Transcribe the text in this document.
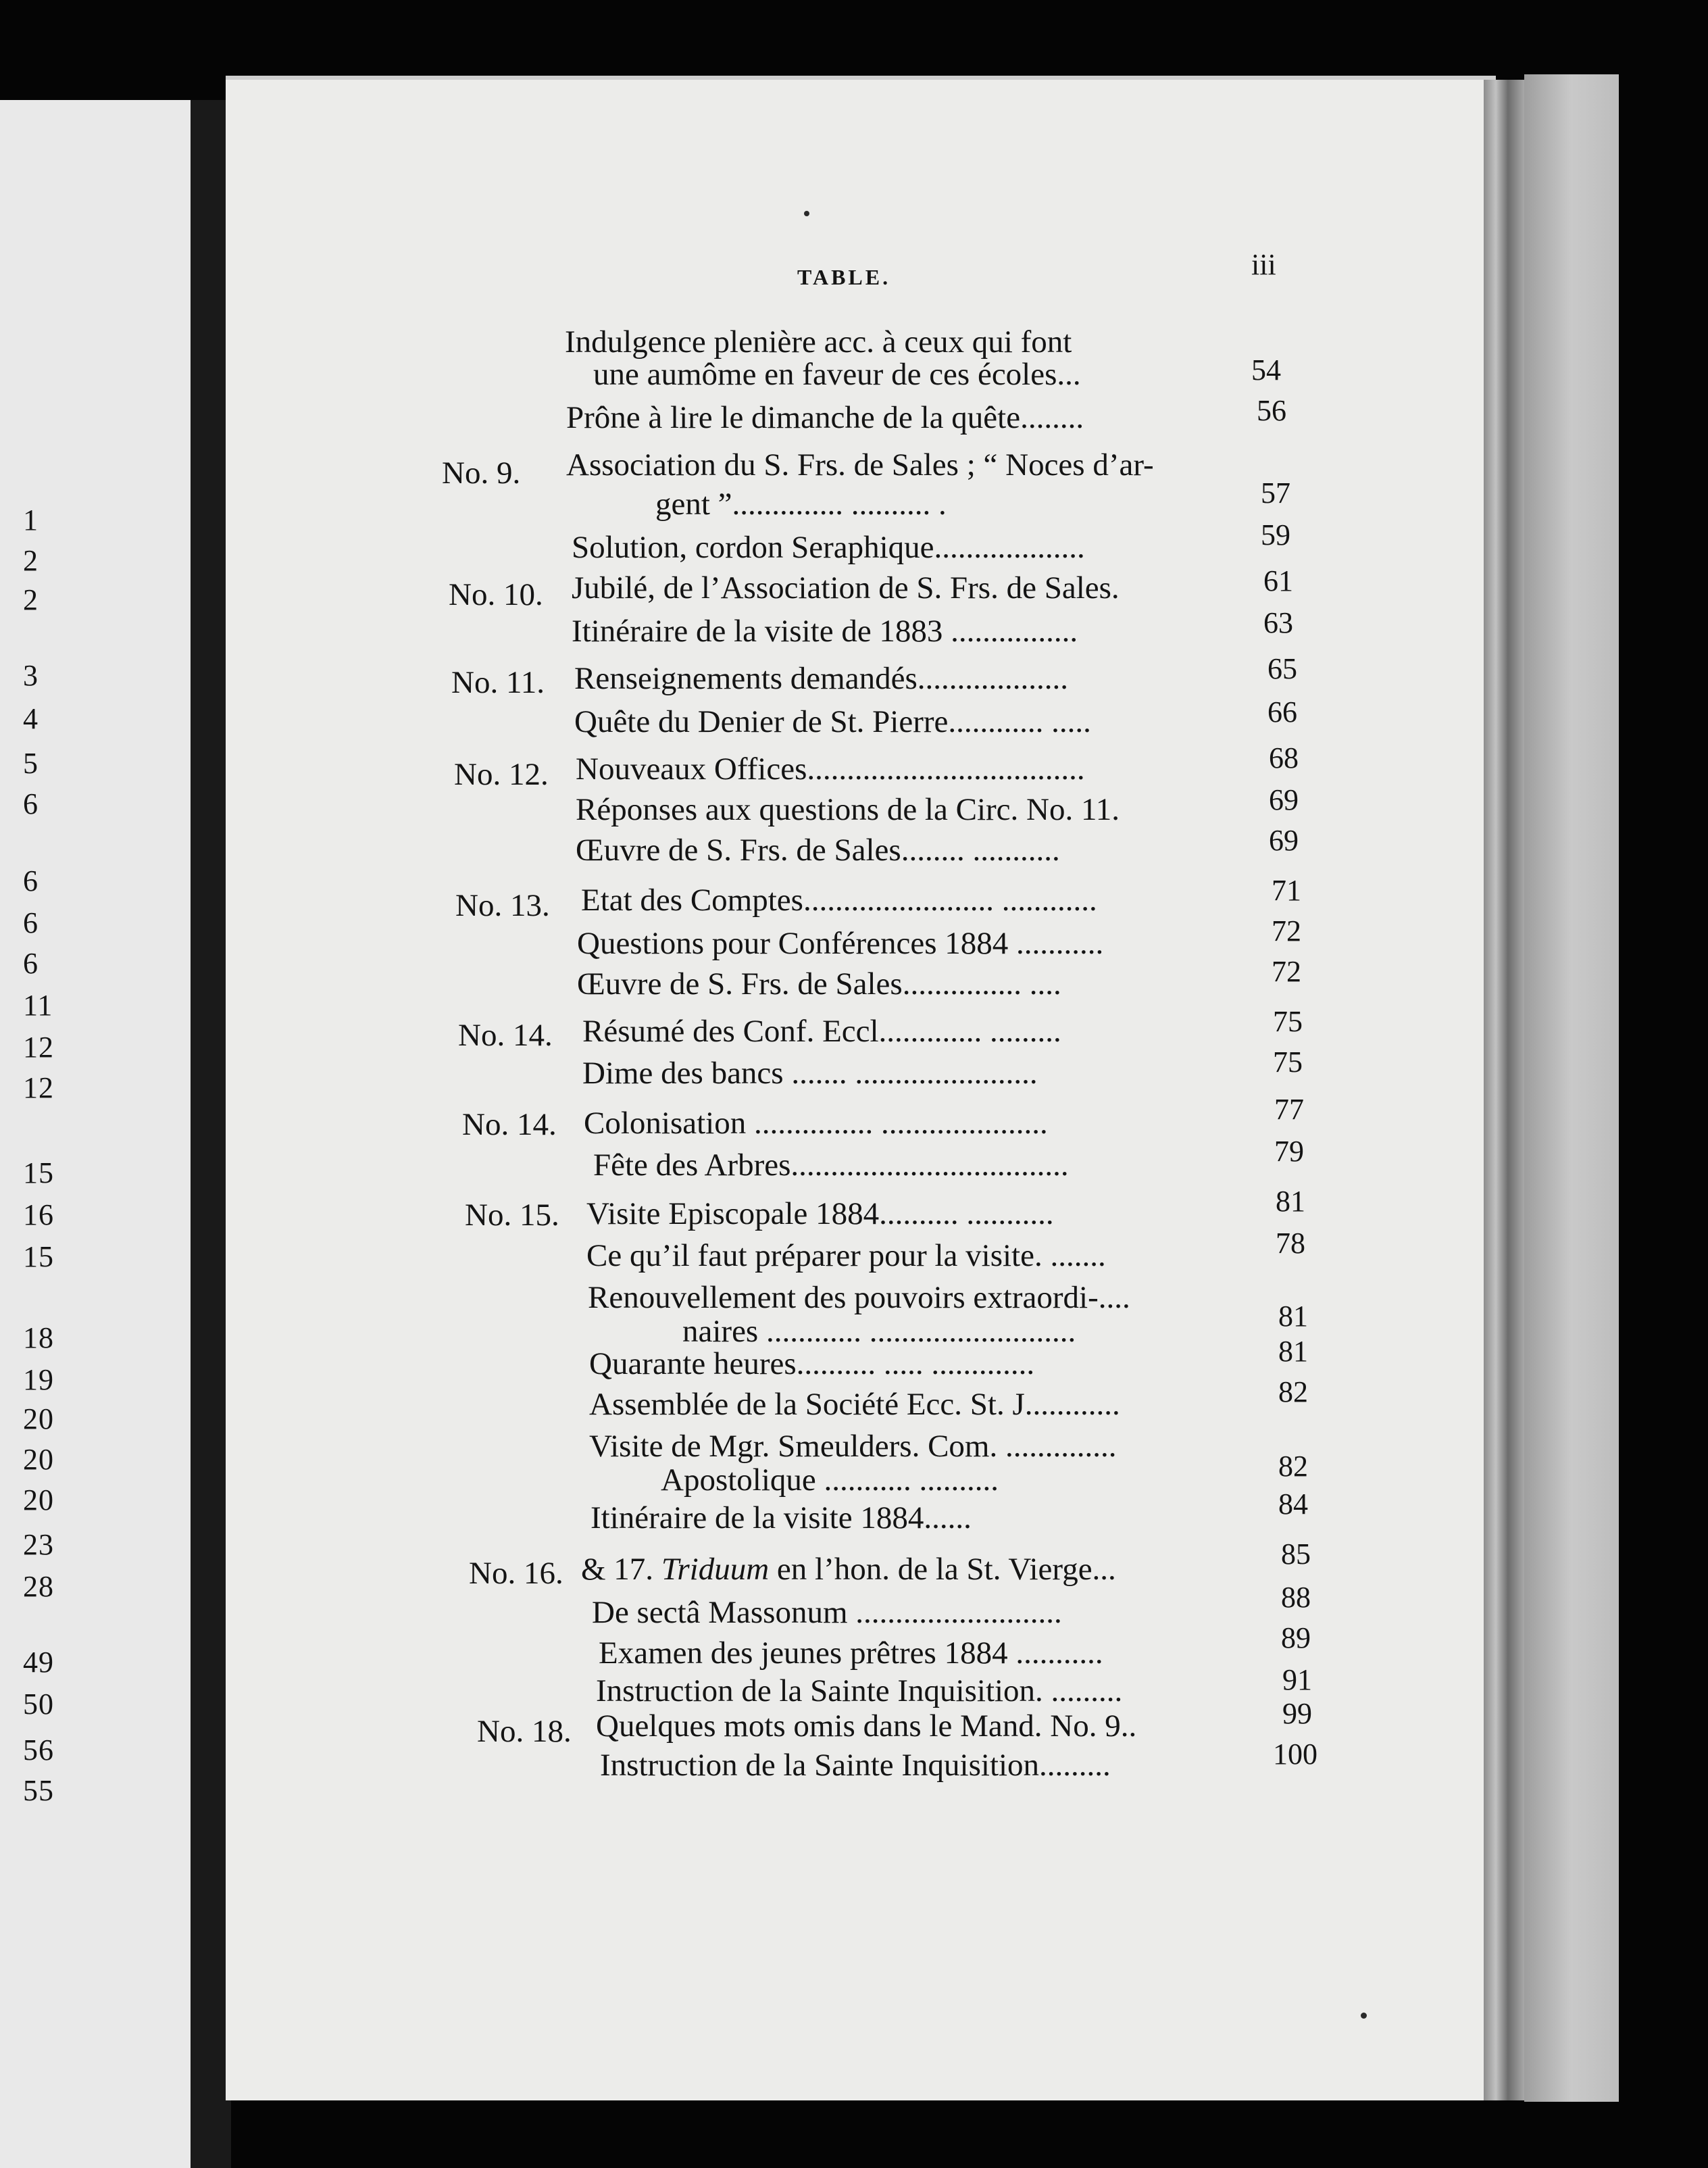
1
2
2
3
4
5
6
6
6
6
11
12
12
15
16
15
18
19
20
20
20
23
28
49
50
56
55
TABLE.	iii
Indulgence plenière acc. à ceux qui font
une aumôme en faveur de ces écoles...	54
Prône à lire le dimanche de la quête........	56
No. 9. Association du S. Frs. de Sales ; “ Noces d’ar-
gent ”.............. .......... .	57
Solution, cordon Seraphique...................	59
No. 10. Jubilé, de l’Association de S. Frs. de Sales.	61
Itinéraire de la visite de 1883 ................	63
No. 11. Renseignements demandés...................	65
Quête du Denier de St. Pierre............ .....	66
No. 12. Nouveaux Offices...................................	68
Réponses aux questions de la Circ. No. 11.	69
Œuvre de S. Frs. de Sales........ ...........	69
No. 13. Etat des Comptes........................ ............	71
Questions pour Conférences 1884 ...........	72
Œuvre de S. Frs. de Sales............... ....	72
No. 14. Résumé des Conf. Eccl............. .........	75
Dime des bancs ....... .......................	75
No. 14. Colonisation ............... .....................	77
Fête des Arbres...................................	79
No. 15. Visite Episcopale 1884.......... ...........	81
Ce qu’il faut préparer pour la visite. .......	78
Renouvellement des pouvoirs extraordi-....
naires ............ ..........................	81
Quarante heures.......... ..... .............	81
Assemblée de la Société Ecc. St. J............	82
Visite de Mgr. Smeulders. Com. ..............
Apostolique ........... ..........	82
Itinéraire de la visite 1884......	84
No. 16. & 17. Triduum en l’hon. de la St. Vierge...	85
De sectâ Massonum ..........................	88
Examen des jeunes prêtres 1884 ...........	89
Instruction de la Sainte Inquisition. .........	91
No. 18. Quelques mots omis dans le Mand. No. 9..	99
Instruction de la Sainte Inquisition.........	100
